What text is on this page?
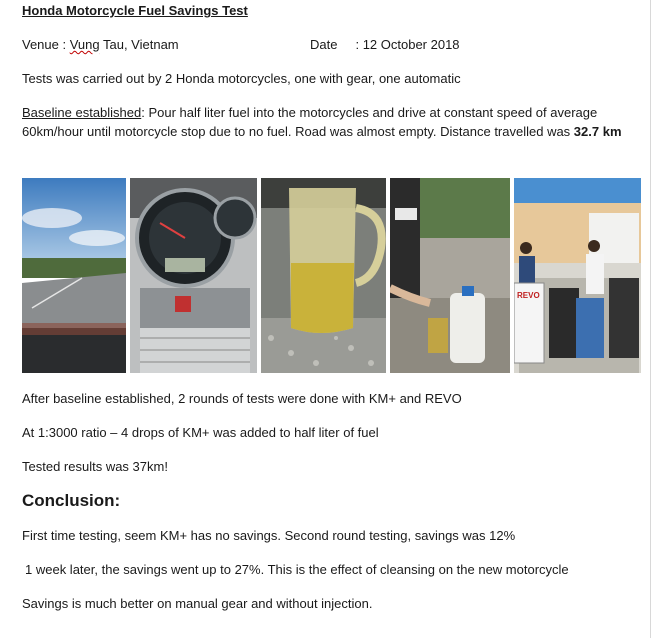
Honda Motorcycle Fuel Savings Test
Venue : Vung Tau, Vietnam	Date : 12 October 2018
Tests was carried out by 2 Honda motorcycles, one with gear, one automatic
Baseline established: Pour half liter fuel into the motorcycles and drive at constant speed of average 60km/hour until motorcycle stop due to no fuel. Road was almost empty. Distance travelled was 32.7 km
REVO
After baseline established, 2 rounds of tests were done with KM+ and REVO
At 1:3000 ratio – 4 drops of KM+ was added to half liter of fuel
Tested results was 37km!
Conclusion:
First time testing, seem KM+ has no savings. Second round testing, savings was 12%
1 week later, the savings went up to 27%. This is the effect of cleansing on the new motorcycle
Savings is much better on manual gear and without injection.
